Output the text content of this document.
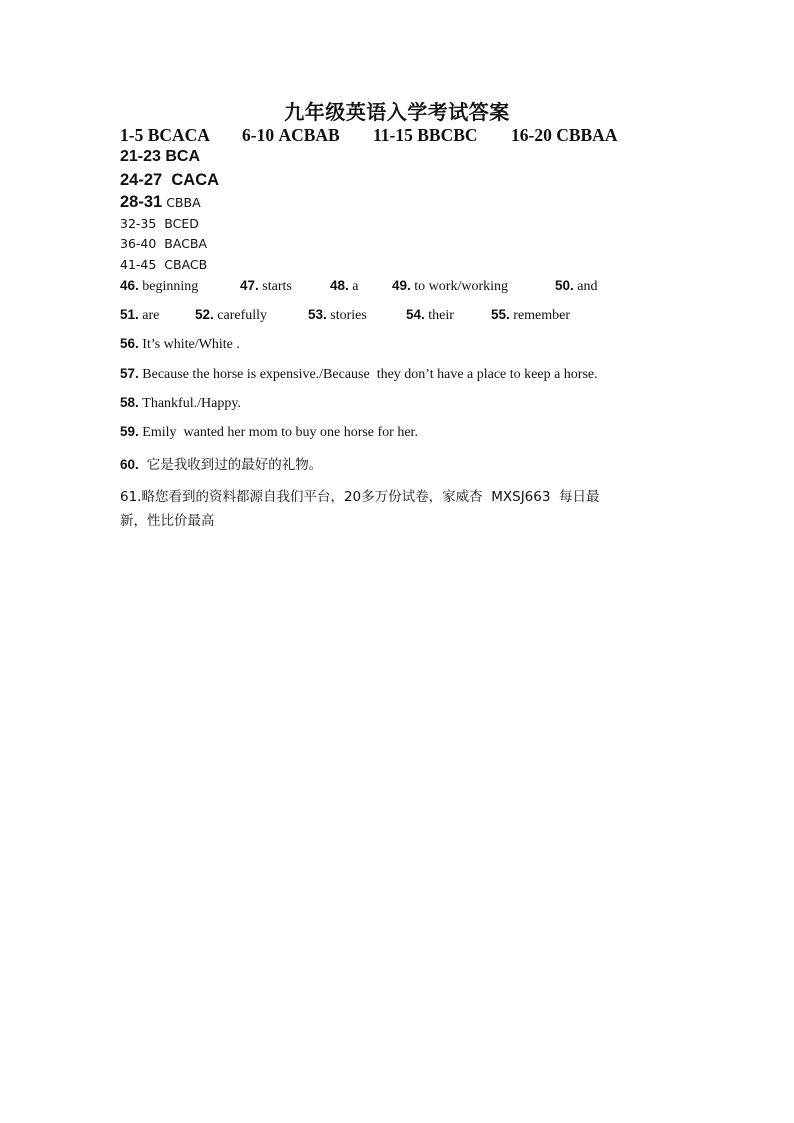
九年级英语入学考试答案
1-5 BCACA 6-10 ACBAB 11-15 BBCBC 16-20 CBBAA
21-23 BCA
24-27 CACA
28-31 CBBA
32-35 BCED
36-40 BACBA
41-45 CBACB
46. beginning	47. starts	48. a 49. to work/working	50. and
51. are	52. carefully	53. stories	54. their	55. remember
56. It’s white/White .
57. Because the horse is expensive./Because  they don’t have a place to keep a horse.
58. Thankful./Happy.
59. Emily  wanted her mom to buy one horse for her.
60. 它是我收到过的最好的礼物。
61.略您看到的资料都源自我们平台，20多万份试卷，家威杏  MXSJ663  每日最
新，性比价最高
